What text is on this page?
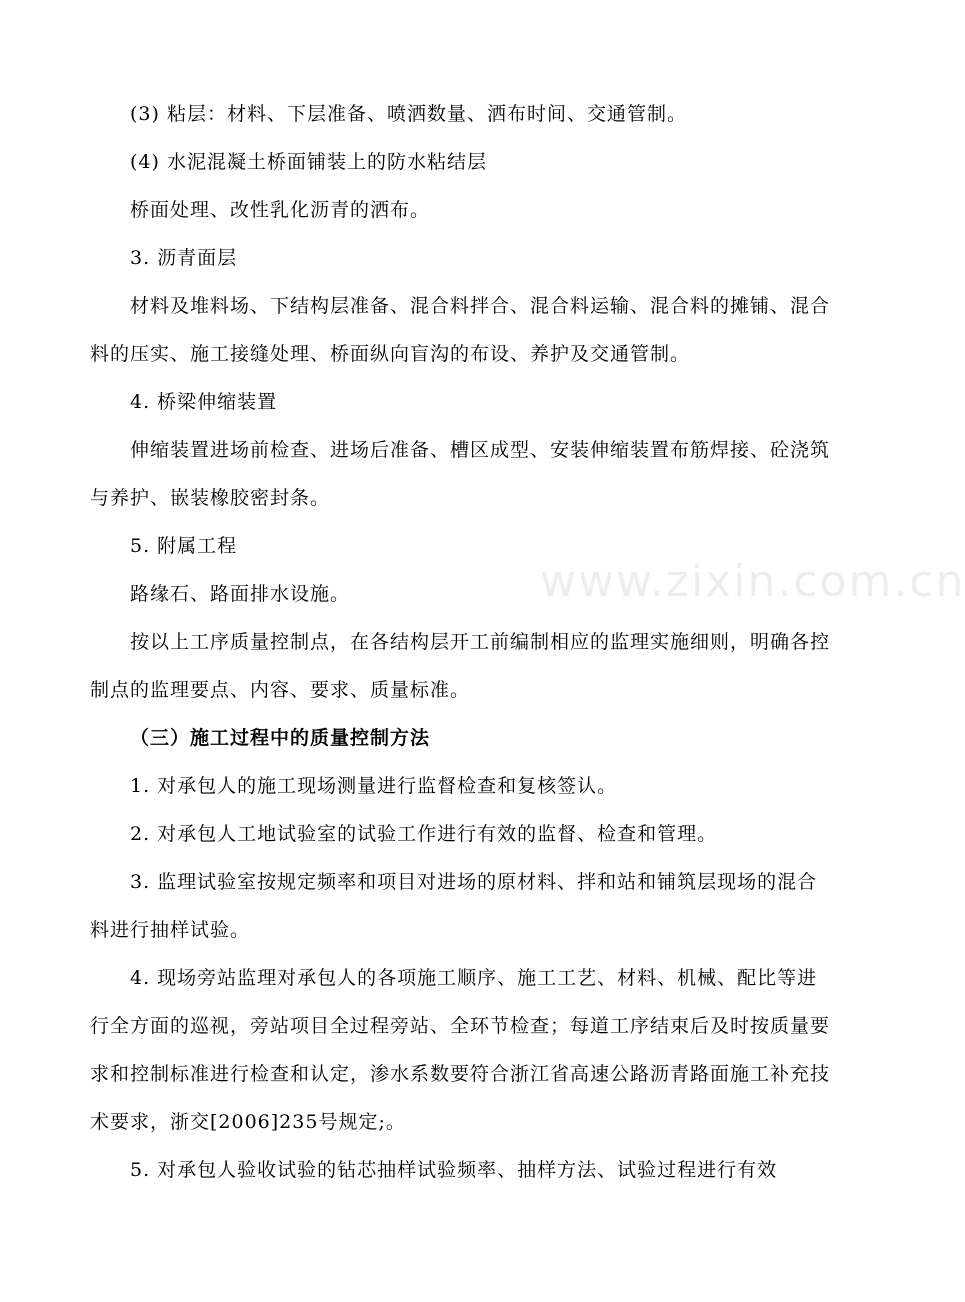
(3) 粘层：材料、下层准备、喷洒数量、洒布时间、交通管制。

(4) 水泥混凝土桥面铺装上的防水粘结层

桥面处理、改性乳化沥青的洒布。

3. 沥青面层

材料及堆料场、下结构层准备、混合料拌合、混合料运输、混合料的摊铺、混合料的压实、施工接缝处理、桥面纵向盲沟的布设、养护及交通管制。

4. 桥梁伸缩装置

伸缩装置进场前检查、进场后准备、槽区成型、安装伸缩装置布筋焊接、砼浇筑与养护、嵌装橡胶密封条。

5. 附属工程

路缘石、路面排水设施。

按以上工序质量控制点，在各结构层开工前编制相应的监理实施细则，明确各控制点的监理要点、内容、要求、质量标准。

（三）施工过程中的质量控制方法

1. 对承包人的施工现场测量进行监督检查和复核签认。

2. 对承包人工地试验室的试验工作进行有效的监督、检查和管理。

3. 监理试验室按规定频率和项目对进场的原材料、拌和站和铺筑层现场的混合料进行抽样试验。

4. 现场旁站监理对承包人的各项施工顺序、施工工艺、材料、机械、配比等进行全方面的巡视，旁站项目全过程旁站、全环节检查；每道工序结束后及时按质量要求和控制标准进行检查和认定，渗水系数要符合浙江省高速公路沥青路面施工补充技术要求，浙交[2006]235号规定;。

5. 对承包人验收试验的钻芯抽样试验频率、抽样方法、试验过程进行有效

www.zixin.com.cn
